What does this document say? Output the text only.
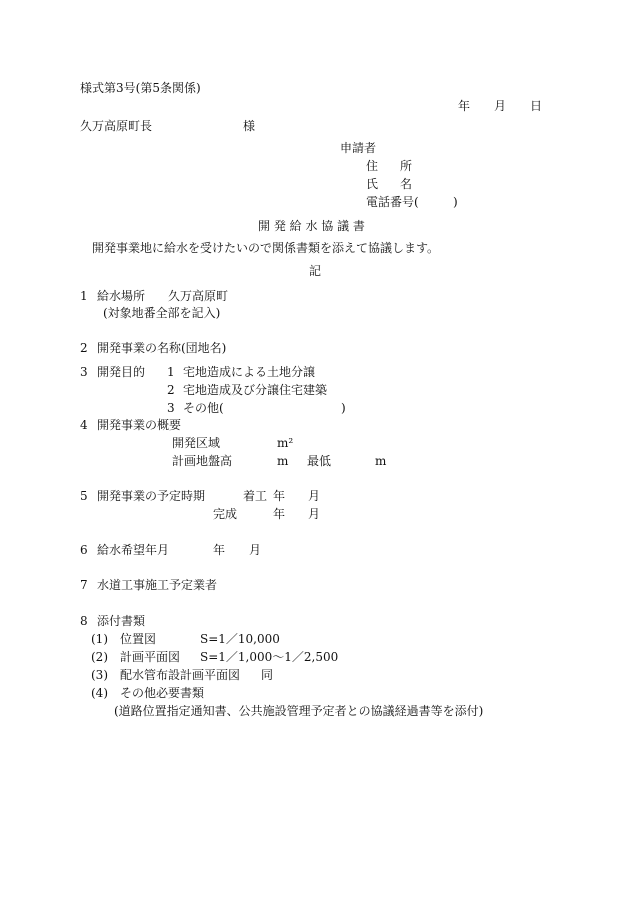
様式第3号(第5条関係)
年 月 日
久万高原町長	様
申請者
住 所
氏 名
電話番号(	)
開 発 給 水 協 議 書
開発事業地に給水を受けたいので関係書類を添えて協議します。
記
1 給水場所 久万高原町
(対象地番全部を記入)
2 開発事業の名称(団地名)
3 開発目的 1 宅地造成による土地分譲
2 宅地造成及び分譲住宅建築
3 その他(	)
4 開発事業の概要
開発区域	m²
計画地盤高	m 最低	m
5 開発事業の予定時期	着工 年 月
完成	年 月
6 給水希望年月	年 月
7 水道工事施工予定業者
8 添付書類
(1) 位置図	S=1／10,000
(2) 計画平面図 S=1／1,000～1／2,500
(3) 配水管布設計画平面図 同
(4) その他必要書類
(道路位置指定通知書、公共施設管理予定者との協議経過書等を添付)
